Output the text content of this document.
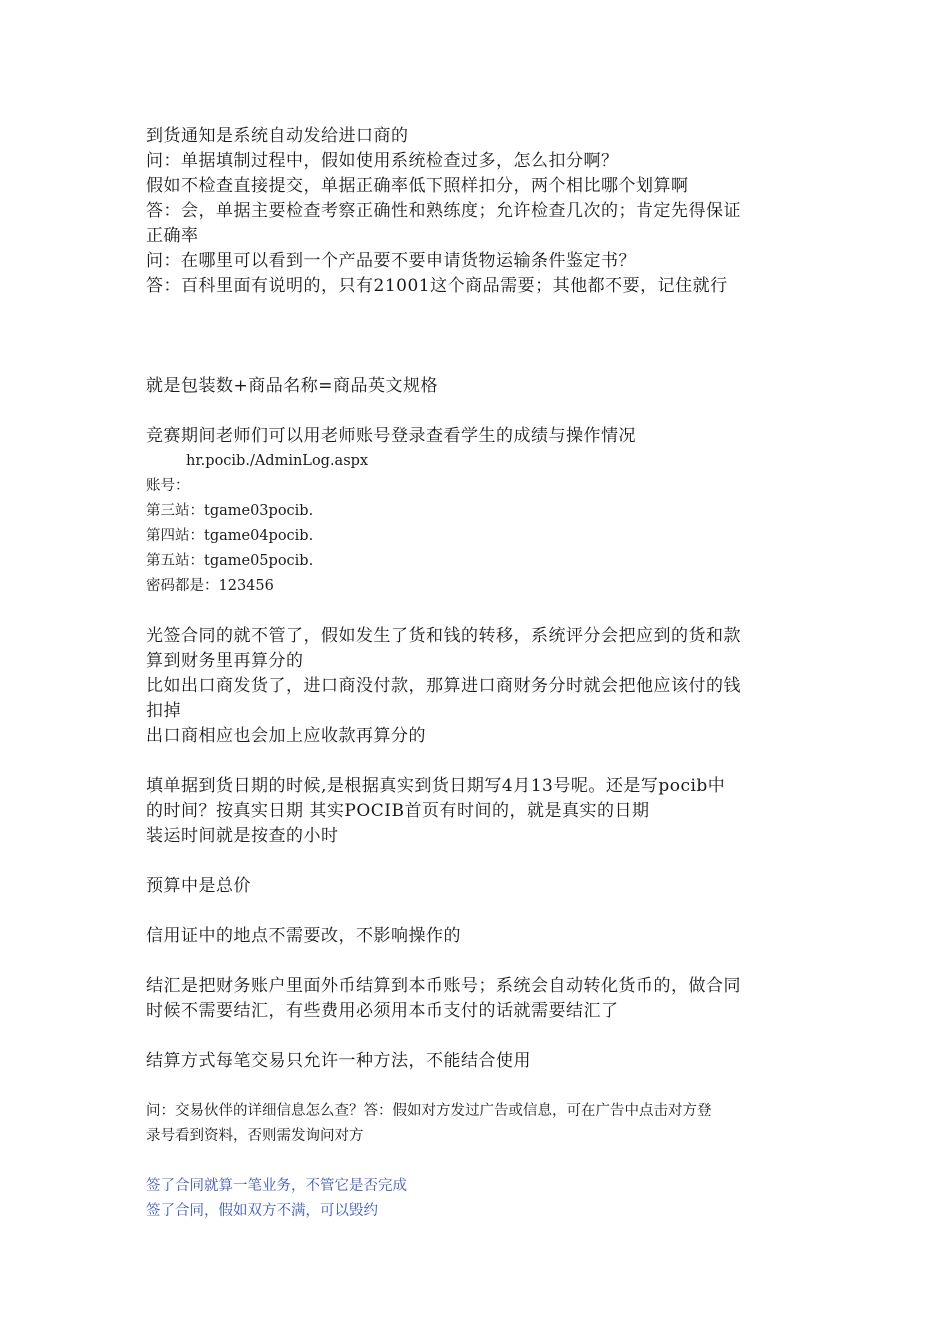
到货通知是系统自动发给进口商的
问：单据填制过程中，假如使用系统检查过多，怎么扣分啊？
假如不检查直接提交，单据正确率低下照样扣分，两个相比哪个划算啊
答：会，单据主要检查考察正确性和熟练度；允许检查几次的；肯定先得保证
正确率
问：在哪里可以看到一个产品要不要申请货物运输条件鉴定书？
答：百科里面有说明的，只有21001这个商品需要；其他都不要，记住就行
就是包装数+商品名称=商品英文规格
竞赛期间老师们可以用老师账号登录查看学生的成绩与操作情况
hr.pocib./AdminLog.aspx
账号：
第三站：tgame03pocib.
第四站：tgame04pocib.
第五站：tgame05pocib.
密码都是：123456
光签合同的就不管了，假如发生了货和钱的转移，系统评分会把应到的货和款
算到财务里再算分的
比如出口商发货了，进口商没付款，那算进口商财务分时就会把他应该付的钱
扣掉
出口商相应也会加上应收款再算分的
填单据到货日期的时候,是根据真实到货日期写4月13号呢。还是写pocib中
的时间？按真实日期 其实POCIB首页有时间的，就是真实的日期
装运时间就是按查的小时
预算中是总价
信用证中的地点不需要改，不影响操作的
结汇是把财务账户里面外币结算到本币账号；系统会自动转化货币的，做合同
时候不需要结汇，有些费用必须用本币支付的话就需要结汇了
结算方式每笔交易只允许一种方法，不能结合使用
问：交易伙伴的详细信息怎么查？答：假如对方发过广告或信息，可在广告中点击对方登
录号看到资料，否则需发询问对方
签了合同就算一笔业务，不管它是否完成
签了合同，假如双方不满，可以毁约
